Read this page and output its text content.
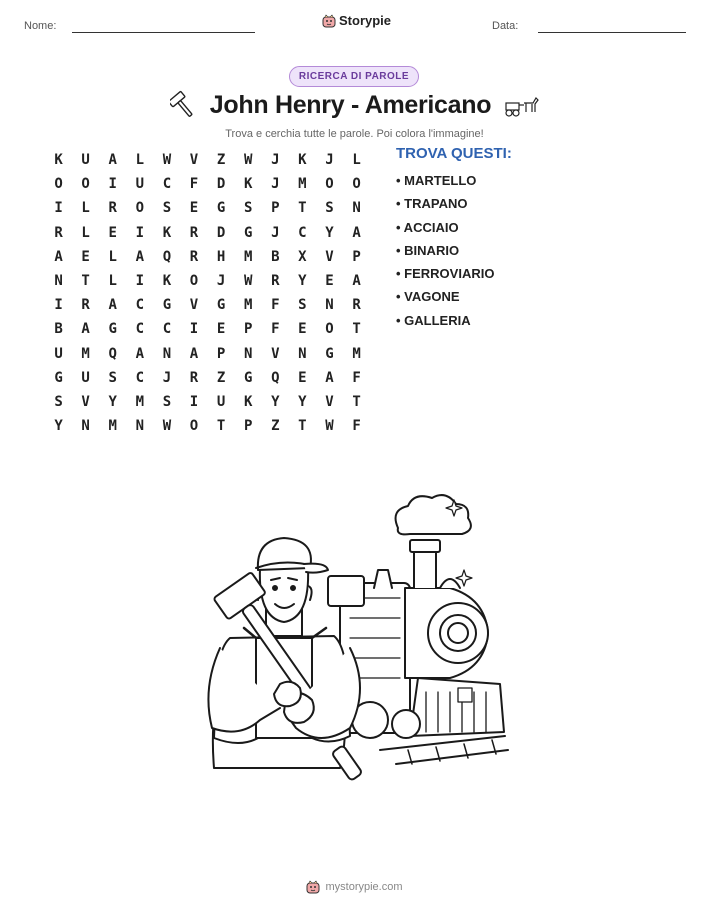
Nome:	Storypie	Data:
RICERCA DI PAROLE
John Henry - Americano
Trova e cerchia tutte le parole. Poi colora l'immagine!
K	U	A	L	W	V	Z	W	J	K	J	L
O	O	I	U	C	F	D	K	J	M	O	O
I	L	R	O	S	E	G	S	P	T	S	N
R	L	E	I	K	R	D	G	J	C	Y	A
A	E	L	A	Q	R	H	M	B	X	V	P
N	T	L	I	K	O	J	W	R	Y	E	A
I	R	A	C	G	V	G	M	F	S	N	R
B	A	G	C	C	I	E	P	F	E	O	T
U	M	Q	A	N	A	P	N	V	N	G	M
G	U	S	C	J	R	Z	G	Q	E	A	F
S	V	Y	M	S	I	U	K	Y	Y	V	T
Y	N	M	N	W	O	T	P	Z	T	W	F
TROVA QUESTI:
• MARTELLO
• TRAPANO
• ACCIAIO
• BINARIO
• FERROVIARIO
• VAGONE
• GALLERIA
mystorypie.com
